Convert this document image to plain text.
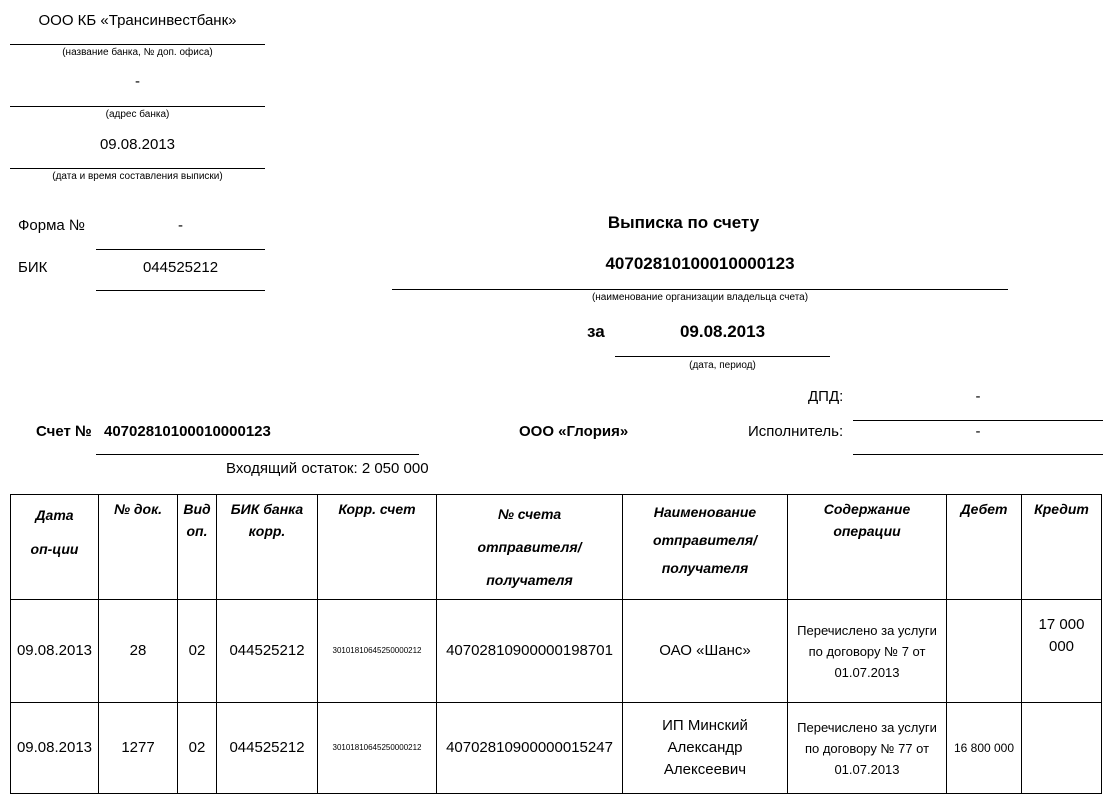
ООО КБ «Трансинвестбанк»
(название банка, № доп. офиса)
-
(адрес банка)
09.08.2013
(дата и время составления выписки)
Форма №	-
БИК	044525212
Выписка по счету
40702810100010000123
(наименование организации владельца счета)
за	09.08.2013
(дата, период)
ДПД:	-
Счет № 40702810100010000123	ООО «Глория»	Исполнитель:	-
Входящий остаток: 2 050 000
Дата оп-ции	№ док.	Вид оп.	БИК банка корр.	Корр. счет	№ счета отправителя/ получателя	Наименование отправителя/ получателя	Содержание операции	Дебет	Кредит
09.08.2013	28	02	044525212	30101810645250000212	40702810900000198701	ОАО «Шанс»	Перечислено за услуги по договору № 7 от 01.07.2013		17 000 000
09.08.2013	1277	02	044525212	30101810645250000212	40702810900000015247	ИП Минский Александр Алексеевич	Перечислено за услуги по договору № 77 от 01.07.2013	16 800 000	
